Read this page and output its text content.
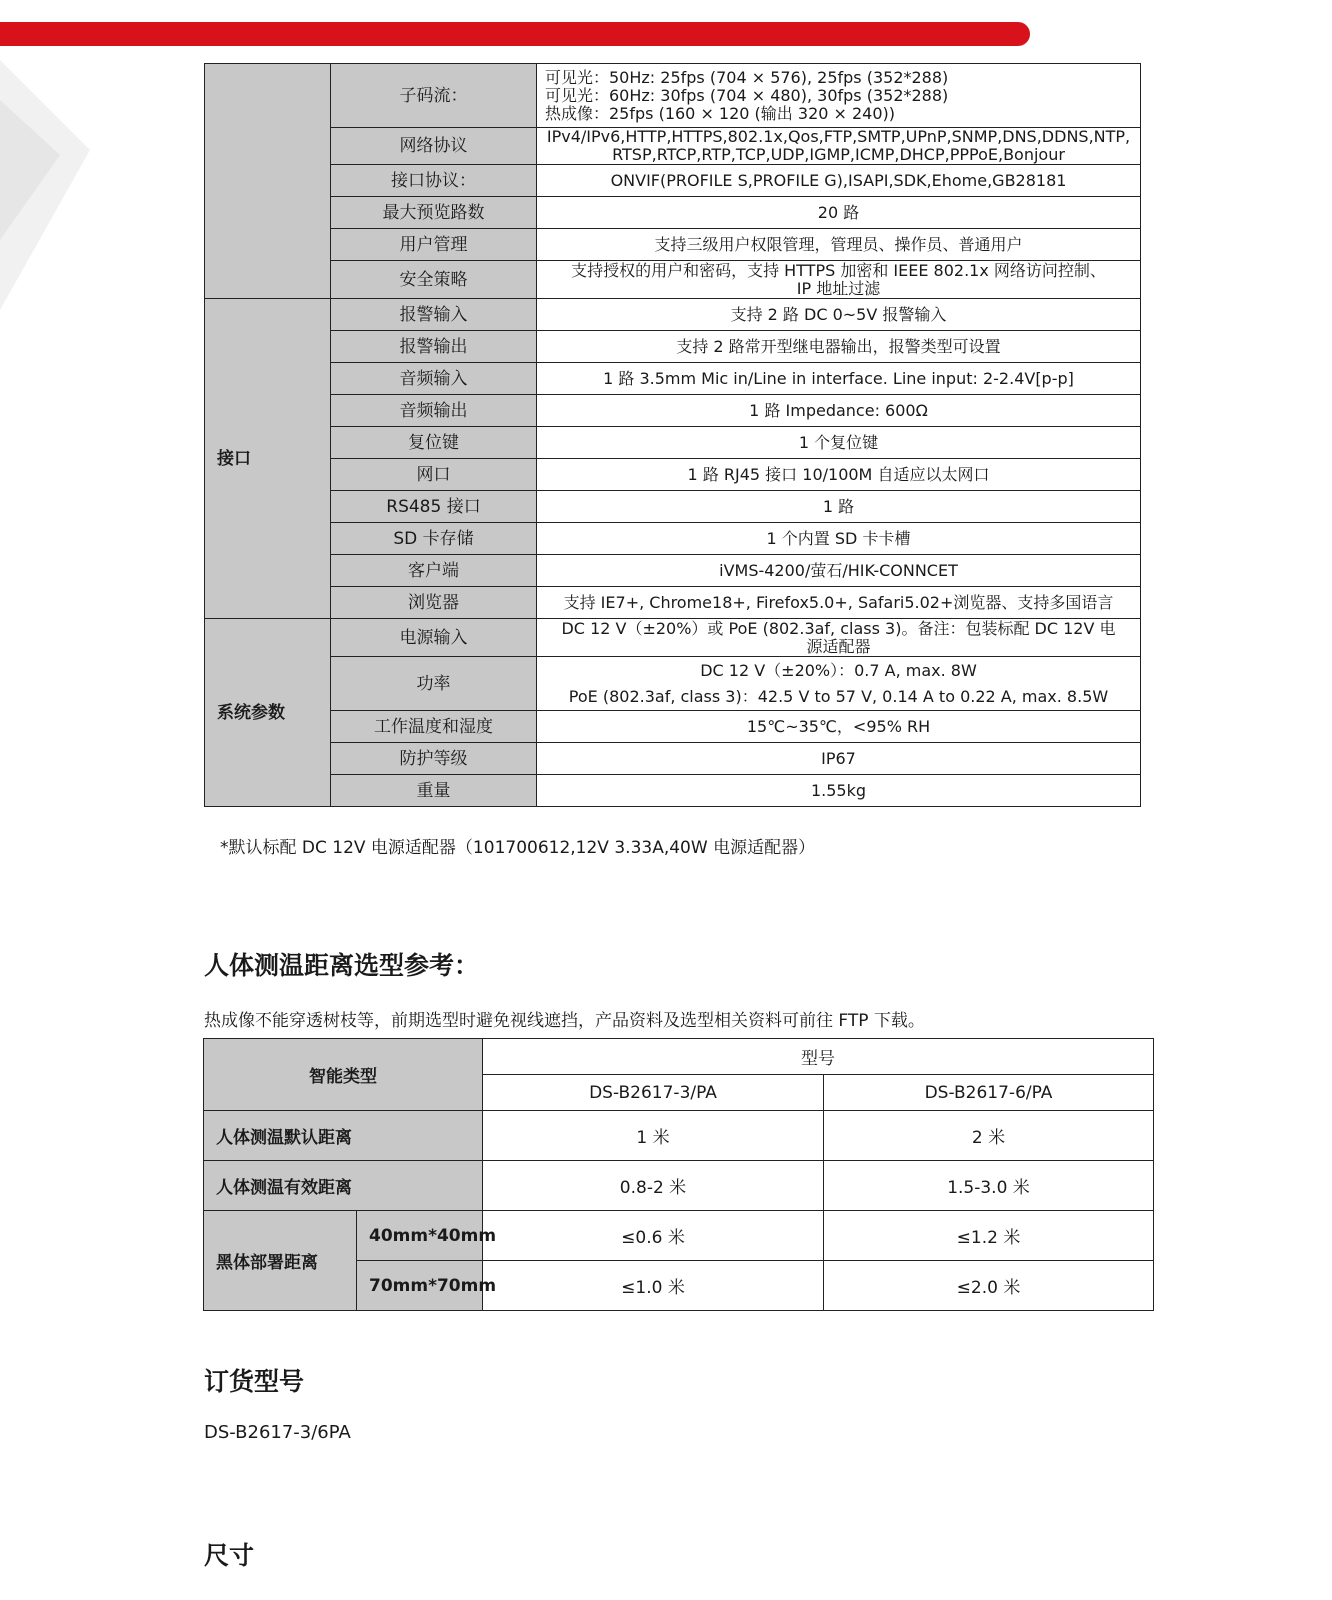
	子码流：	可见光：50Hz: 25fps (704 × 576), 25fps (352*288)
可见光：60Hz: 30fps (704 × 480), 30fps (352*288)
热成像：25fps (160 × 120 (输出 320 × 240))

	网络协议	IPv4/IPv6,HTTP,HTTPS,802.1x,Qos,FTP,SMTP,UPnP,SNMP,DNS,DDNS,NTP,
RTSP,RTCP,RTP,TCP,UDP,IGMP,ICMP,DHCP,PPPoE,Bonjour

	接口协议：	ONVIF(PROFILE S,PROFILE G),ISAPI,SDK,Ehome,GB28181

	最大预览路数	20 路

	用户管理	支持三级用户权限管理，管理员、操作员、普通用户

	安全策略	支持授权的用户和密码，支持 HTTPS 加密和 IEEE 802.1x 网络访问控制、
IP 地址过滤

接口	报警输入	支持 2 路 DC 0~5V 报警输入

	报警输出	支持 2 路常开型继电器输出，报警类型可设置

	音频输入	1 路 3.5mm Mic in/Line in interface. Line input: 2-2.4V[p-p]

	音频输出	1 路 Impedance: 600Ω

	复位键	1 个复位键

	网口	1 路 RJ45 接口 10/100M 自适应以太网口

	RS485 接口	1 路

	SD 卡存储	1 个内置 SD 卡卡槽

	客户端	iVMS-4200/萤石/HIK-CONNCET

	浏览器	支持 IE7+, Chrome18+, Firefox5.0+, Safari5.02+浏览器、支持多国语言

系统参数	电源输入	DC 12 V（±20%）或 PoE (802.3af, class 3)。备注：包装标配 DC 12V 电
源适配器

	功率	DC 12 V（±20%）：0.7 A, max. 8W
PoE (802.3af, class 3)：42.5 V to 57 V, 0.14 A to 0.22 A, max. 8.5W

	工作温度和湿度	15℃~35℃，<95% RH

	防护等级	IP67

	重量	1.55kg
*默认标配 DC 12V 电源适配器（101700612,12V 3.33A,40W 电源适配器）
人体测温距离选型参考：
热成像不能穿透树枝等，前期选型时避免视线遮挡，产品资料及选型相关资料可前往 FTP 下载。
智能类型		型号	
		DS-B2617-3/PA	DS-B2617-6/PA
人体测温默认距离		1 米	2 米
人体测温有效距离		0.8-2 米	1.5-3.0 米
黑体部署距离	40mm*40mm	≤0.6 米	≤1.2 米
	70mm*70mm	≤1.0 米	≤2.0 米
订货型号
DS-B2617-3/6PA
尺寸
